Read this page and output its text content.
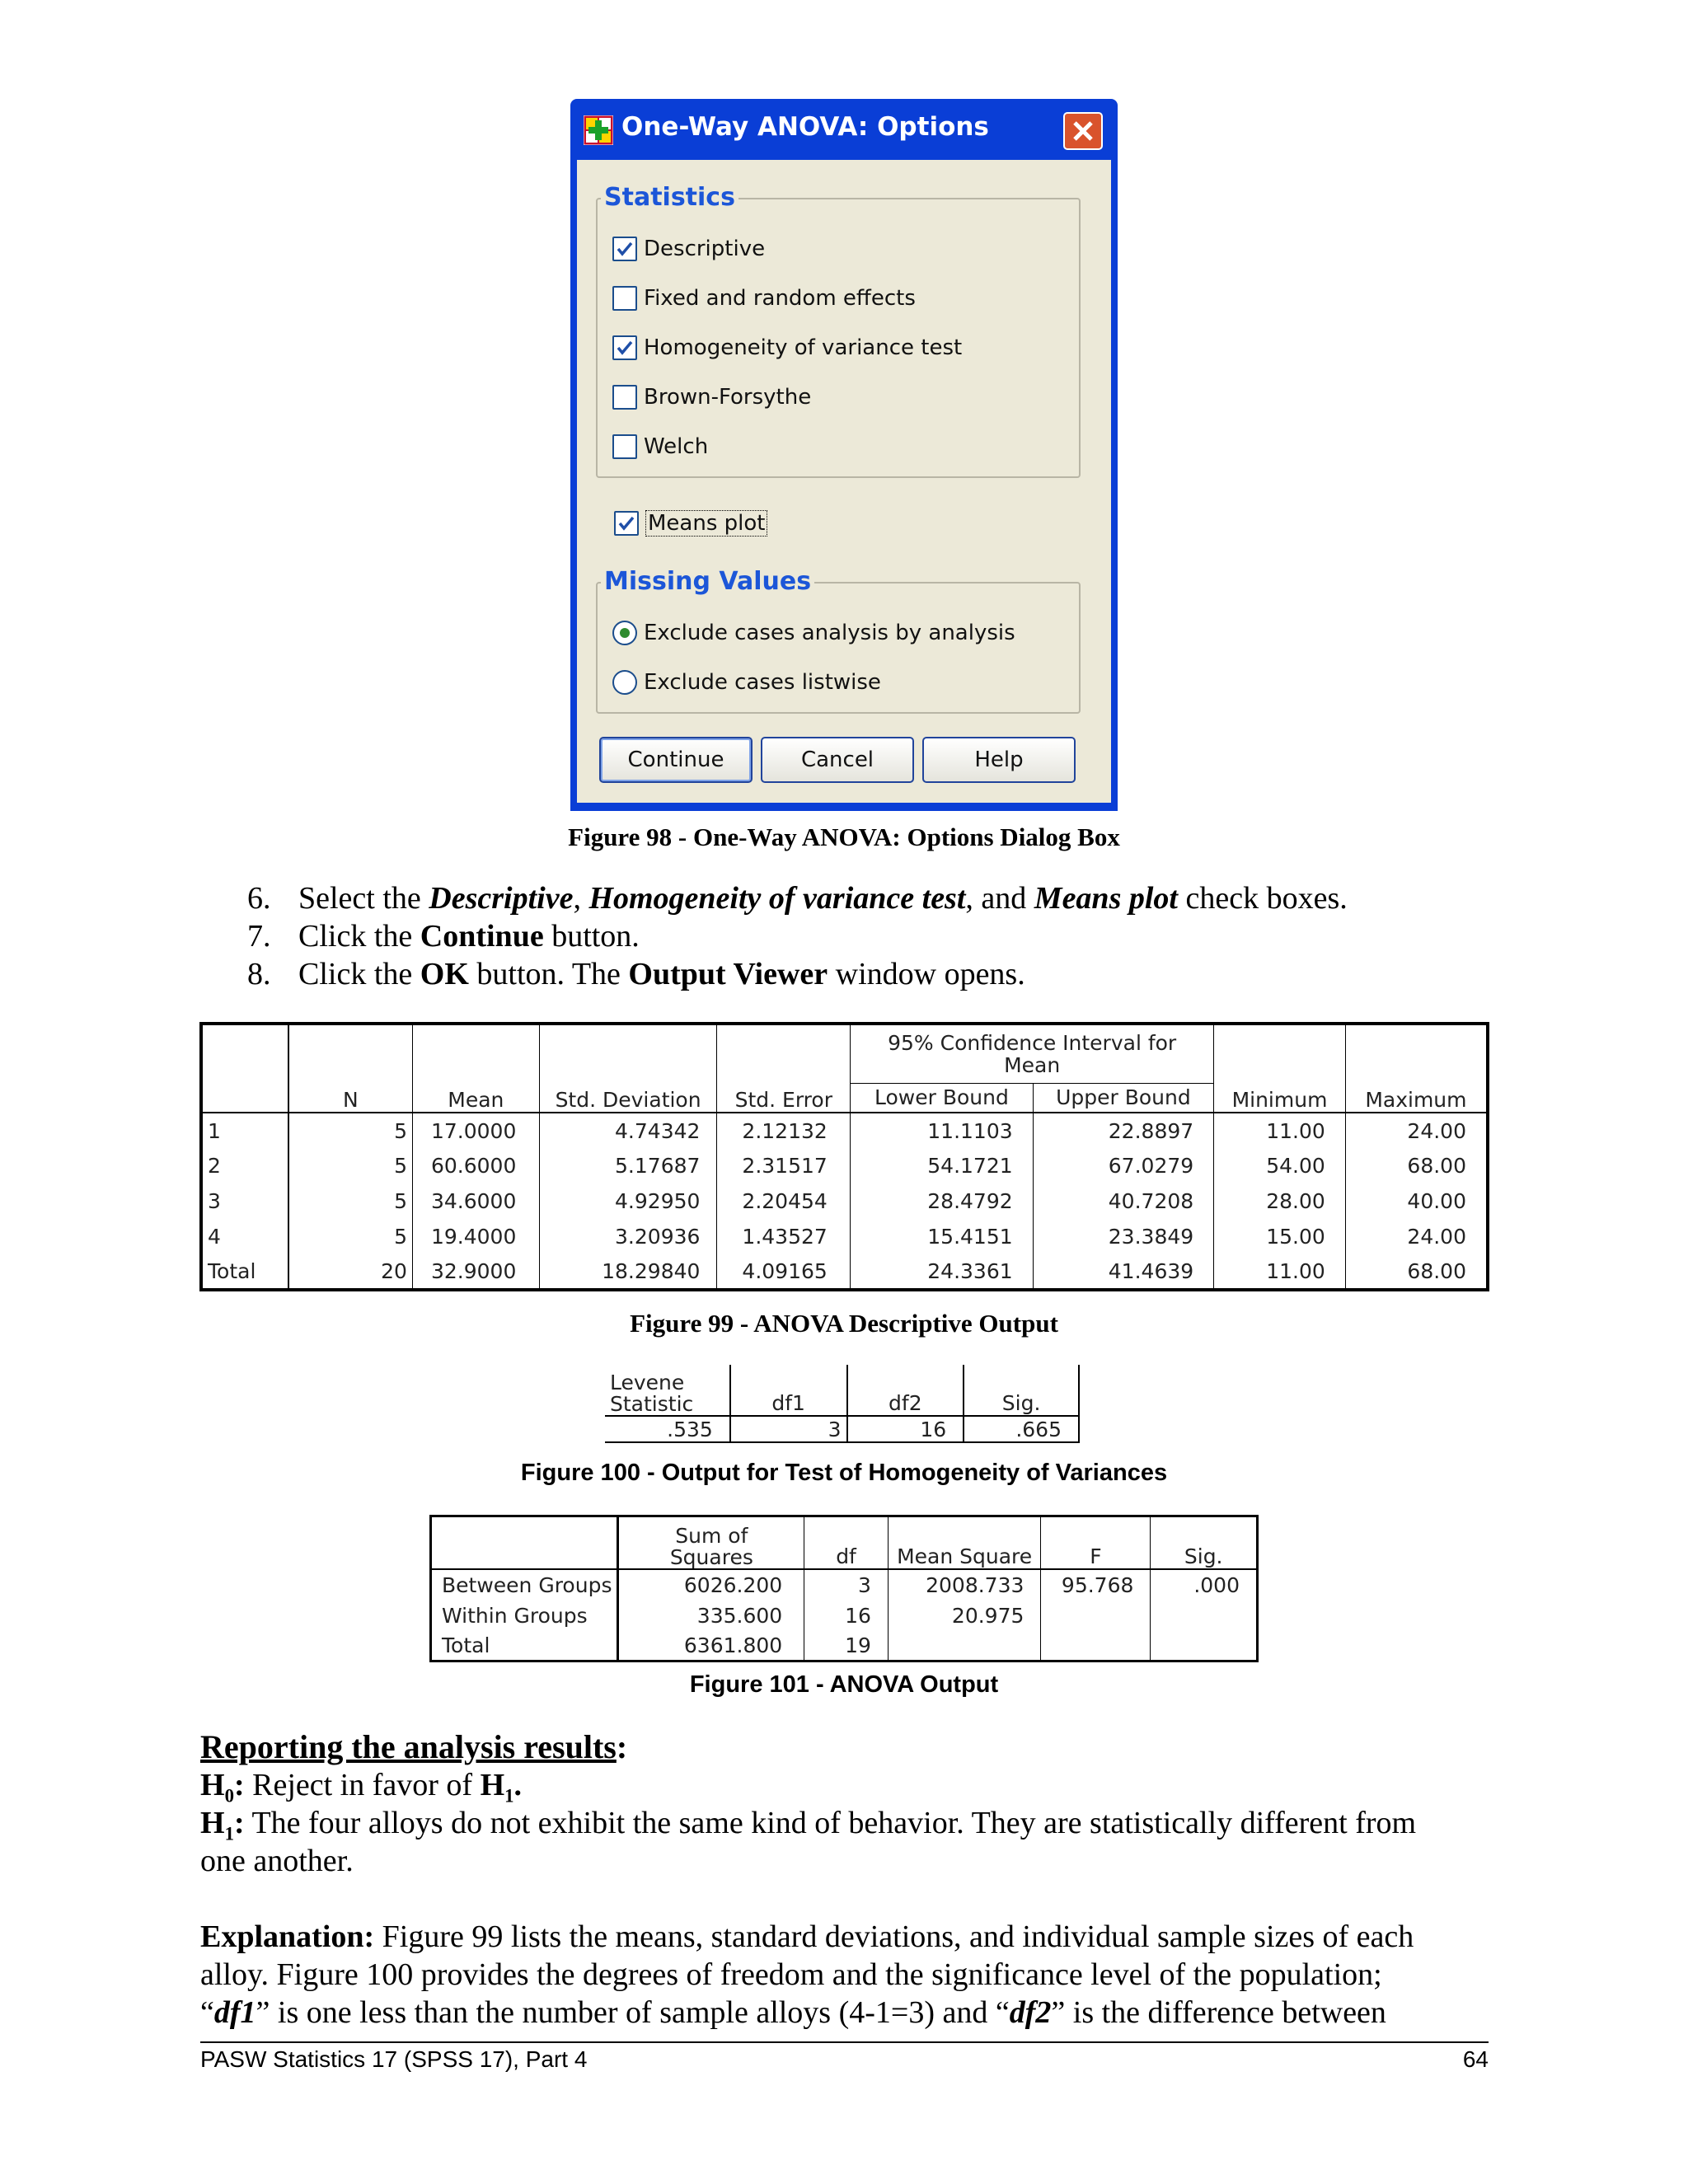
One-Way ANOVA: Options
Statistics
Descriptive
Fixed and random effects
Homogeneity of variance test
Brown-Forsythe
Welch
Means plot
Missing Values
Exclude cases analysis by analysis
Exclude cases listwise
Continue	Cancel	Help
Figure 98 - One-Way ANOVA: Options Dialog Box
6. Select the Descriptive, Homogeneity of variance test, and Means plot check boxes.
7. Click the Continue button.
8. Click the OK button. The Output Viewer window opens.
	N	Mean	Std. Deviation	Std. Error	95% Confidence Interval for Mean		Minimum	Maximum
					Lower Bound	Upper Bound		
1	5	17.0000	4.74342	2.12132	11.1103	22.8897	11.00	24.00
2	5	60.6000	5.17687	2.31517	54.1721	67.0279	54.00	68.00
3	5	34.6000	4.92950	2.20454	28.4792	40.7208	28.00	40.00
4	5	19.4000	3.20936	1.43527	15.4151	23.3849	15.00	24.00
Total	20	32.9000	18.29840	4.09165	24.3361	41.4639	11.00	68.00
Figure 99 - ANOVA Descriptive Output
Levene Statistic	df1	df2	Sig.
.535	3	16	.665
Figure 100 - Output for Test of Homogeneity of Variances
	Sum of Squares	df	Mean Square	F	Sig.
Between Groups	6026.200	3	2008.733	95.768	.000
Within Groups	335.600	16	20.975		
Total	6361.800	19			
Figure 101 - ANOVA Output
Reporting the analysis results:
$H_0$: Reject in favor of $H_1$.
$H_1$: The four alloys do not exhibit the same kind of behavior. They are statistically different from
one another.
Explanation: Figure 99 lists the means, standard deviations, and individual sample sizes of each
alloy. Figure 100 provides the degrees of freedom and the significance level of the population;
“df1” is one less than the number of sample alloys (4-1=3) and “df2” is the difference between
PASW Statistics 17 (SPSS 17), Part 4	64
